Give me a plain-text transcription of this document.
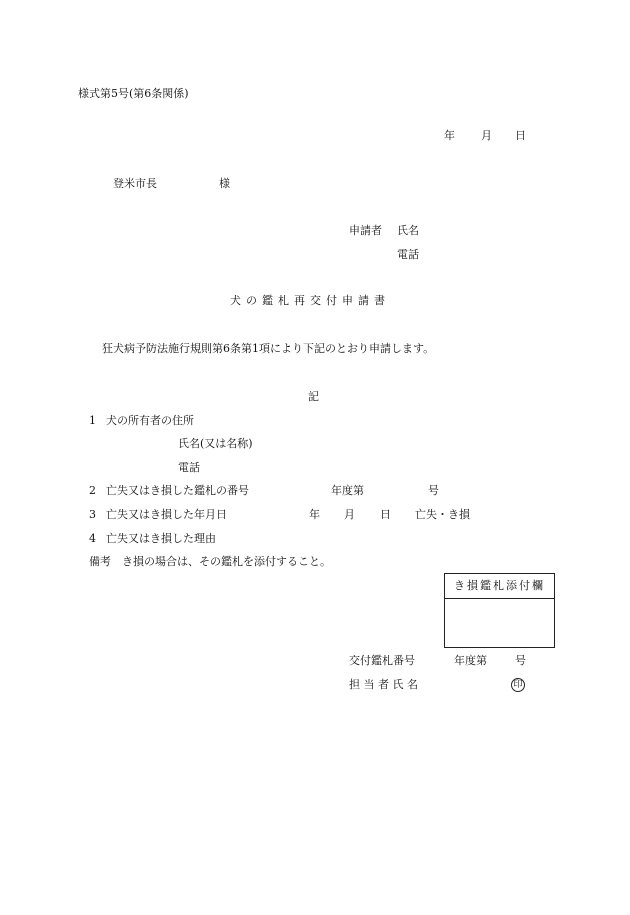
様式第5号(第6条関係)
年 月 日
登米市長	様
申請者 氏名
電話
犬の鑑札再交付申請書
狂犬病予防法施行規則第6条第1項により下記のとおり申請します。
記
1 犬の所有者の住所
氏名(又は名称)
電話
2 亡失又はき損した鑑札の番号	年度第	号
3 亡失又はき損した年月日	年 月 日 亡失・き損
4 亡失又はき損した理由
備考 き損の場合は、その鑑札を添付すること。
き損鑑札添付欄
交付鑑札番号	年度第	号
担 当 者 氏 名	印
